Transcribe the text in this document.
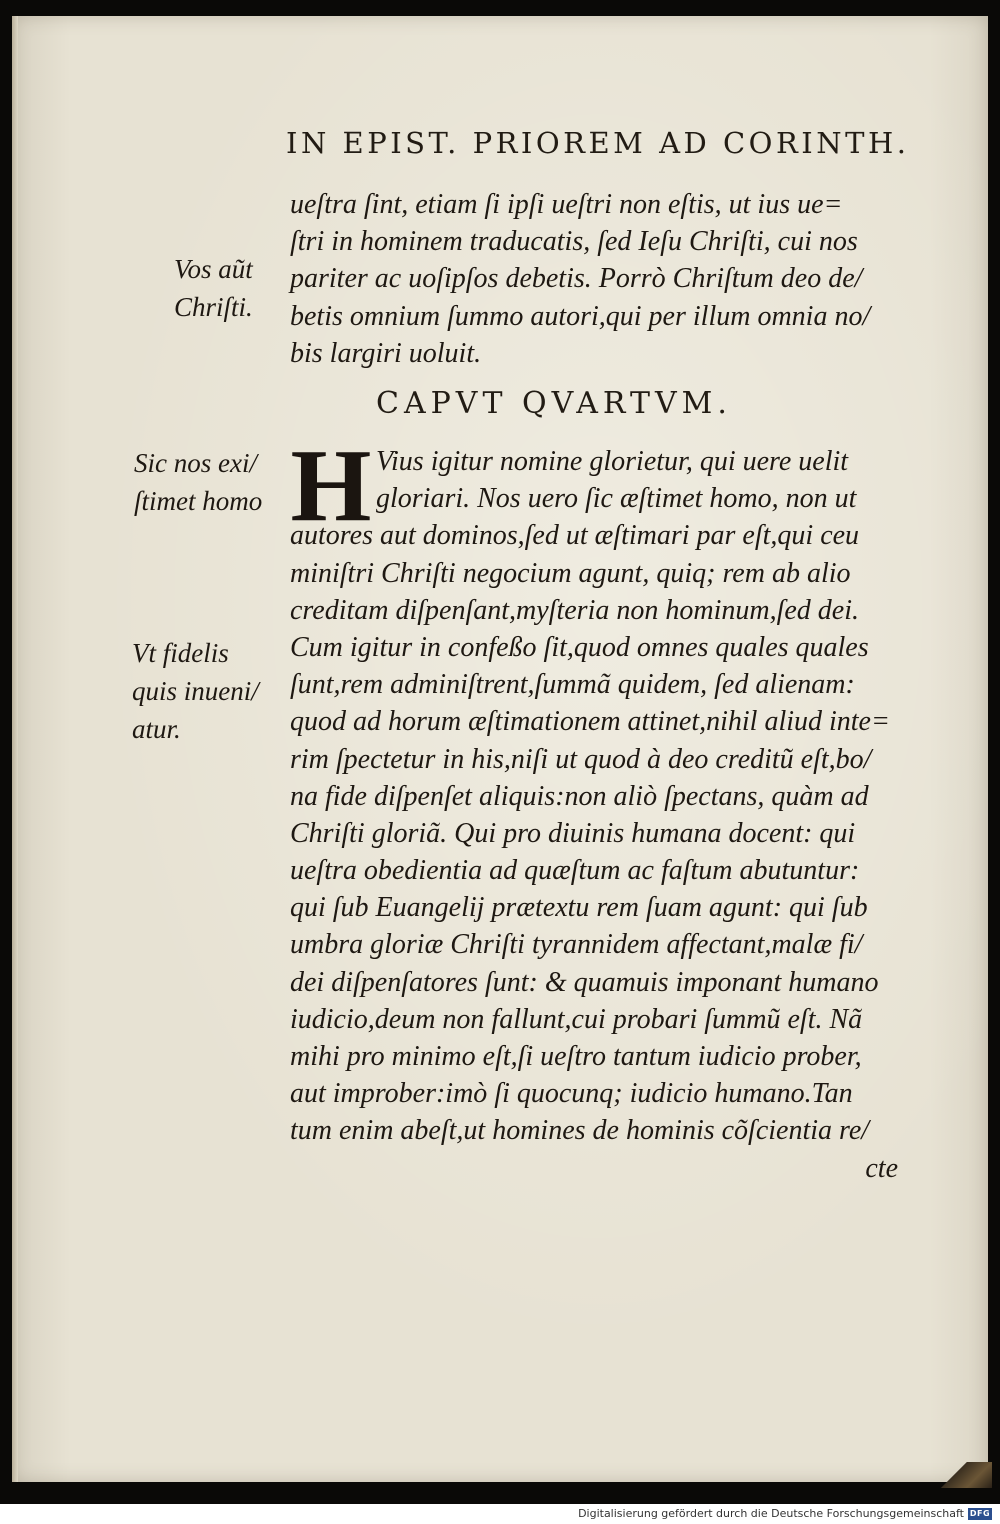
IN EPIST. PRIOREM AD CORINTH.
ueſtra ſint, etiam ſi ipſi ueſtri non eſtis, ut ius ue=
ſtri in hominem traducatis, ſed Ieſu Chriſti, cui nos
pariter ac uoſipſos debetis. Porrò Chriſtum deo de/
betis omnium ſummo autori,qui per illum omnia no/
bis largiri uoluit.
CAPVT QVARTVM.
H Vius igitur nomine glorietur, qui uere uelit
gloriari. Nos uero ſic æſtimet homo, non ut
autores aut dominos,ſed ut æſtimari par eſt,qui ceu
miniſtri Chriſti negocium agunt, quiq; rem ab alio
creditam diſpenſant,myſteria non hominum,ſed dei.
Cum igitur in confeßo ſit,quod omnes quales quales
ſunt,rem adminiſtrent,ſummã quidem, ſed alienam:
quod ad horum æſtimationem attinet,nihil aliud inte=
rim ſpectetur in his,niſi ut quod à deo creditũ eſt,bo/
na fide diſpenſet aliquis:non aliò ſpectans, quàm ad
Chriſti gloriã. Qui pro diuinis humana docent: qui
ueſtra obedientia ad quæſtum ac faſtum abutuntur:
qui ſub Euangelij prætextu rem ſuam agunt: qui ſub
umbra gloriæ Chriſti tyrannidem affectant,malæ fi/
dei diſpenſatores ſunt: & quamuis imponant humano
iudicio,deum non fallunt,cui probari ſummũ eſt. Nã
mihi pro minimo eſt,ſi ueſtro tantum iudicio prober,
aut improber:imò ſi quocunq; iudicio humano.Tan
tum enim abeſt,ut homines de hominis cõſcientia re/
cte
Vos aũt
Chriſti.
Sic nos exi/
ſtimet homo
Vt fidelis
quis inueni/
atur.
Digitalisierung gefördert durch die Deutsche Forschungsgemeinschaft DFG
